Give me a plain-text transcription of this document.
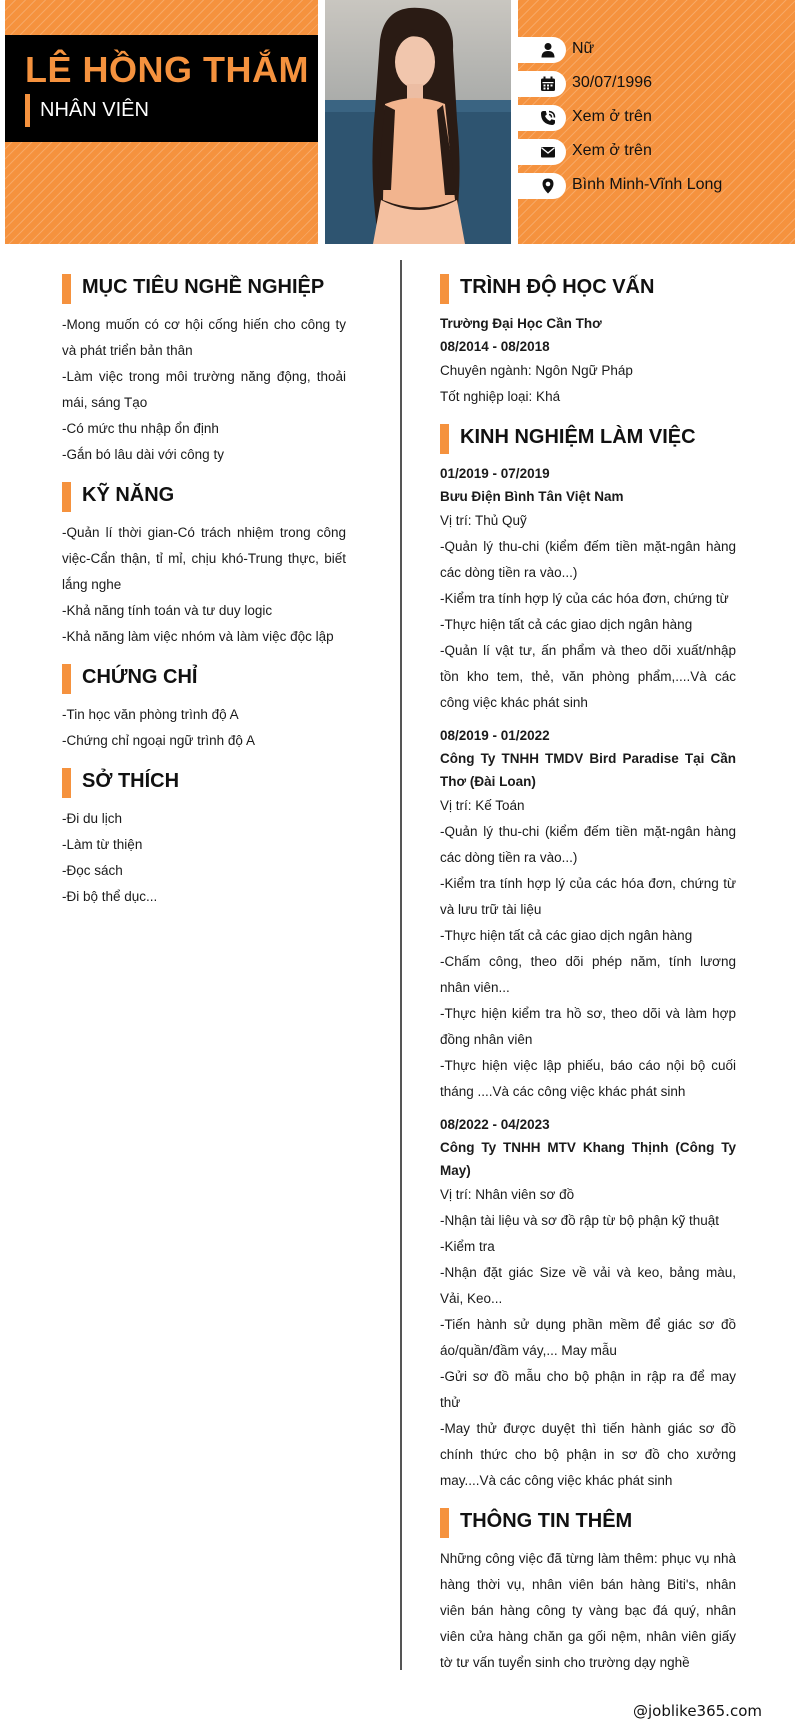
LÊ HỒNG THẮM
NHÂN VIÊN
Nữ
30/07/1996
Xem ở trên
Xem ở trên
Bình Minh-Vĩnh Long
MỤC TIÊU NGHỀ NGHIỆP

-Mong muốn có cơ hội cống hiến cho công ty và phát triển bản thân

-Làm việc trong môi trường năng động, thoải mái, sáng Tạo

-Có mức thu nhập ổn định

-Gắn bó lâu dài với công ty

KỸ NĂNG

-Quản lí thời gian-Có trách nhiệm trong công việc-Cẩn thận, tỉ mỉ, chịu khó-Trung thực, biết lắng nghe

-Khả năng tính toán và tư duy logic

-Khả năng làm việc nhóm và làm việc độc lập

CHỨNG CHỈ

-Tin học văn phòng trình độ A

-Chứng chỉ ngoại ngữ trình độ A

SỞ THÍCH

-Đi du lịch

-Làm từ thiện

-Đọc sách

-Đi bộ thể dục...

TRÌNH ĐỘ HỌC VẤN

Trường Đại Học Cần Thơ

08/2014 - 08/2018

Chuyên ngành: Ngôn Ngữ Pháp

Tốt nghiệp loại: Khá

KINH NGHIỆM LÀM VIỆC

01/2019 - 07/2019

Bưu Điện Bình Tân Việt Nam

Vị trí: Thủ Quỹ

-Quản lý thu-chi (kiểm đếm tiền mặt-ngân hàng các dòng tiền ra vào...)

-Kiểm tra tính hợp lý của các hóa đơn, chứng từ

-Thực hiện tất cả các giao dịch ngân hàng

-Quản lí vật tư, ấn phẩm và theo dõi xuất/nhập tồn kho tem, thẻ, văn phòng phẩm,....Và các công việc khác phát sinh

08/2019 - 01/2022

Công Ty TNHH TMDV Bird Paradise Tại Cần Thơ (Đài Loan)

Vị trí: Kế Toán

-Quản lý thu-chi (kiểm đếm tiền mặt-ngân hàng các dòng tiền ra vào...)

-Kiểm tra tính hợp lý của các hóa đơn, chứng từ và lưu trữ tài liệu

-Thực hiện tất cả các giao dịch ngân hàng

-Chấm công, theo dõi phép năm, tính lương nhân viên...

-Thực hiện kiểm tra hồ sơ, theo dõi và làm hợp đồng nhân viên

-Thực hiện việc lập phiếu, báo cáo nội bộ cuối tháng ....Và các công việc khác phát sinh

08/2022 - 04/2023

Công Ty TNHH MTV Khang Thịnh (Công Ty May)

Vị trí: Nhân viên sơ đồ

-Nhận tài liệu và sơ đồ rập từ bộ phận kỹ thuật

-Kiểm tra

-Nhận đặt giác Size về vải và keo, bảng màu, Vải, Keo...

-Tiến hành sử dụng phần mềm để giác sơ đồ áo/quần/đầm váy,... May mẫu

-Gửi sơ đồ mẫu cho bộ phận in rập ra để may thử

-May thử được duyệt thì tiến hành giác sơ đồ chính thức cho bộ phận in sơ đồ cho xưởng may....Và các công việc khác phát sinh

THÔNG TIN THÊM

Những công việc đã từng làm thêm: phục vụ nhà hàng thời vụ, nhân viên bán hàng Biti's, nhân viên bán hàng công ty vàng bạc đá quý, nhân viên cửa hàng chăn ga gối nệm, nhân viên giấy tờ tư vấn tuyển sinh cho trường dạy nghề

@joblike365.com
